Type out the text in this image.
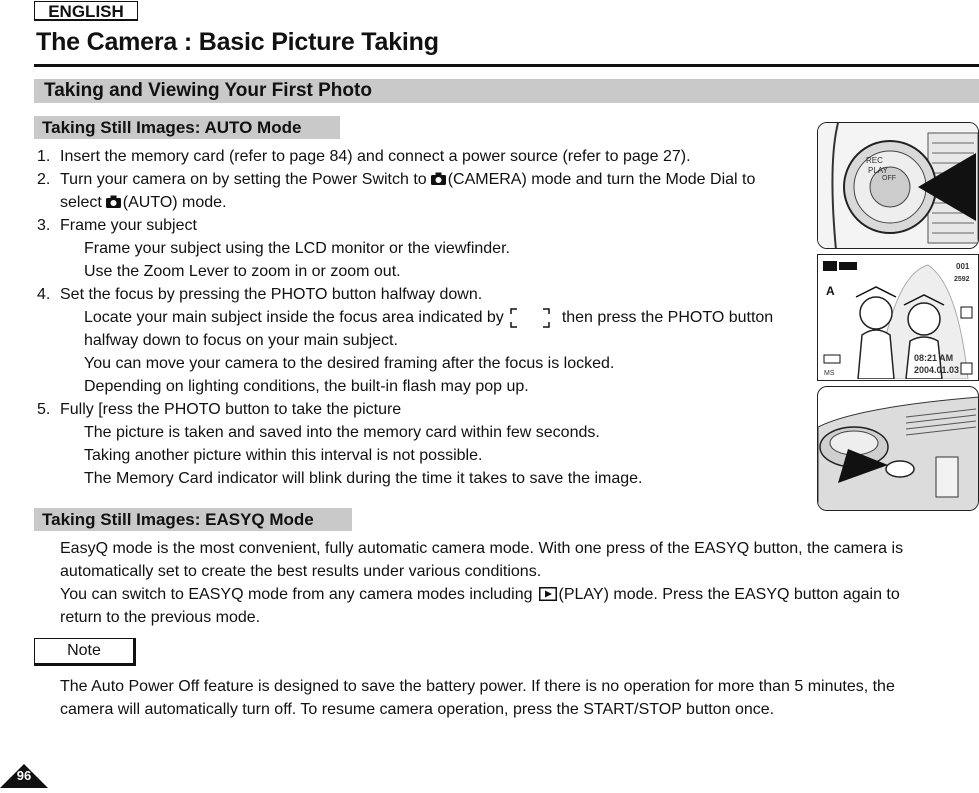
ENGLISH
The Camera : Basic Picture Taking
Taking and Viewing Your First Photo
Taking Still Images: AUTO Mode
1. Insert the memory card (refer to page 84) and connect a power source (refer to page 27).
2. Turn your camera on by setting the Power Switch to (CAMERA) mode and turn the Mode Dial to
select (AUTO) mode.
3. Frame your subject
Frame your subject using the LCD monitor or the viewfinder.
Use the Zoom Lever to zoom in or zoom out.
4. Set the focus by pressing the PHOTO button halfway down.
Locate your main subject inside the focus area indicated by	then press the PHOTO button
halfway down to focus on your main subject.
You can move your camera to the desired framing after the focus is locked.
Depending on lighting conditions, the built-in flash may pop up.
5. Fully [ress the PHOTO button to take the picture
The picture is taken and saved into the memory card within few seconds.
Taking another picture within this interval is not possible.
The Memory Card indicator will blink during the time it takes to save the image.
Taking Still Images: EASYQ Mode
EasyQ mode is the most convenient, fully automatic camera mode. With one press of the EASYQ button, the camera is
automatically set to create the best results under various conditions.
You can switch to EASYQ mode from any camera modes including (PLAY) mode. Press the EASYQ button again to
return to the previous mode.
Note
The Auto Power Off feature is designed to save the battery power. If there is no operation for more than 5 minutes, the
camera will automatically turn off. To resume camera operation, press the START/STOP button once.
REC
PLAY
OFF
A
001
2592
MS
08:21 AM
2004.01.03
96
